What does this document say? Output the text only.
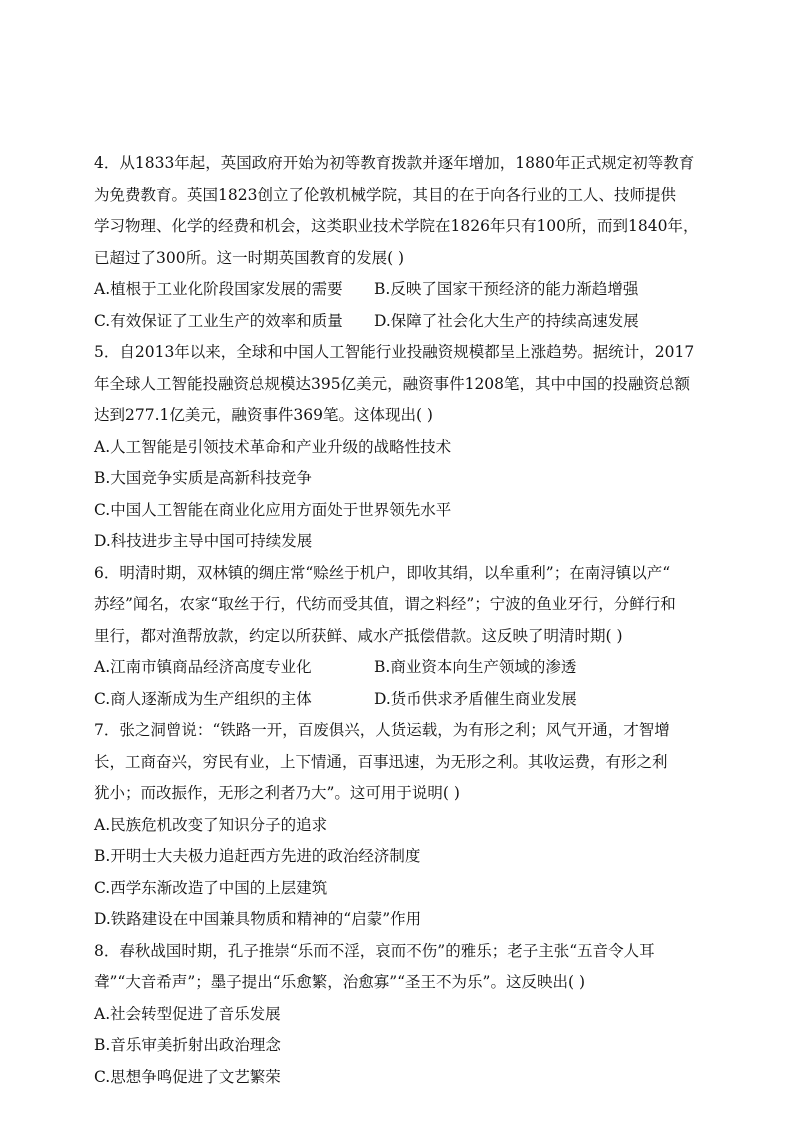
4．从1833年起，英国政府开始为初等教育拨款并逐年增加，1880年正式规定初等教育
为免费教育。英国1823创立了伦敦机械学院，其目的在于向各行业的工人、技师提供
学习物理、化学的经费和机会，这类职业技术学院在1826年只有100所，而到1840年，
已超过了300所。这一时期英国教育的发展( )
A.植根于工业化阶段国家发展的需要	B.反映了国家干预经济的能力渐趋增强
C.有效保证了工业生产的效率和质量	D.保障了社会化大生产的持续高速发展
5．自2013年以来，全球和中国人工智能行业投融资规模都呈上涨趋势。据统计，2017
年全球人工智能投融资总规模达395亿美元，融资事件1208笔，其中中国的投融资总额
达到277.1亿美元，融资事件369笔。这体现出( )
A.人工智能是引领技术革命和产业升级的战略性技术
B.大国竞争实质是高新科技竞争
C.中国人工智能在商业化应用方面处于世界领先水平
D.科技进步主导中国可持续发展
6．明清时期，双林镇的绸庄常“赊丝于机户，即收其绢，以牟重利”；在南浔镇以产“
苏经”闻名，农家“取丝于行，代纺而受其值，谓之料经”；宁波的鱼业牙行，分鲜行和
里行，都对渔帮放款，约定以所获鲜、咸水产抵偿借款。这反映了明清时期( )
A.江南市镇商品经济高度专业化	B.商业资本向生产领域的渗透
C.商人逐渐成为生产组织的主体	D.货币供求矛盾催生商业发展
7．张之洞曾说：“铁路一开，百废俱兴，人货运载，为有形之利；风气开通，才智增
长，工商奋兴，穷民有业，上下情通，百事迅速，为无形之利。其收运费，有形之利
犹小；而改振作，无形之利者乃大”。这可用于说明( )
A.民族危机改变了知识分子的追求
B.开明士大夫极力追赶西方先进的政治经济制度
C.西学东渐改造了中国的上层建筑
D.铁路建设在中国兼具物质和精神的“启蒙”作用
8．春秋战国时期，孔子推崇“乐而不淫，哀而不伤”的雅乐；老子主张“五音令人耳
聋”“大音希声”；墨子提出“乐愈繁，治愈寡”“圣王不为乐”。这反映出( )
A.社会转型促进了音乐发展
B.音乐审美折射出政治理念
C.思想争鸣促进了文艺繁荣
